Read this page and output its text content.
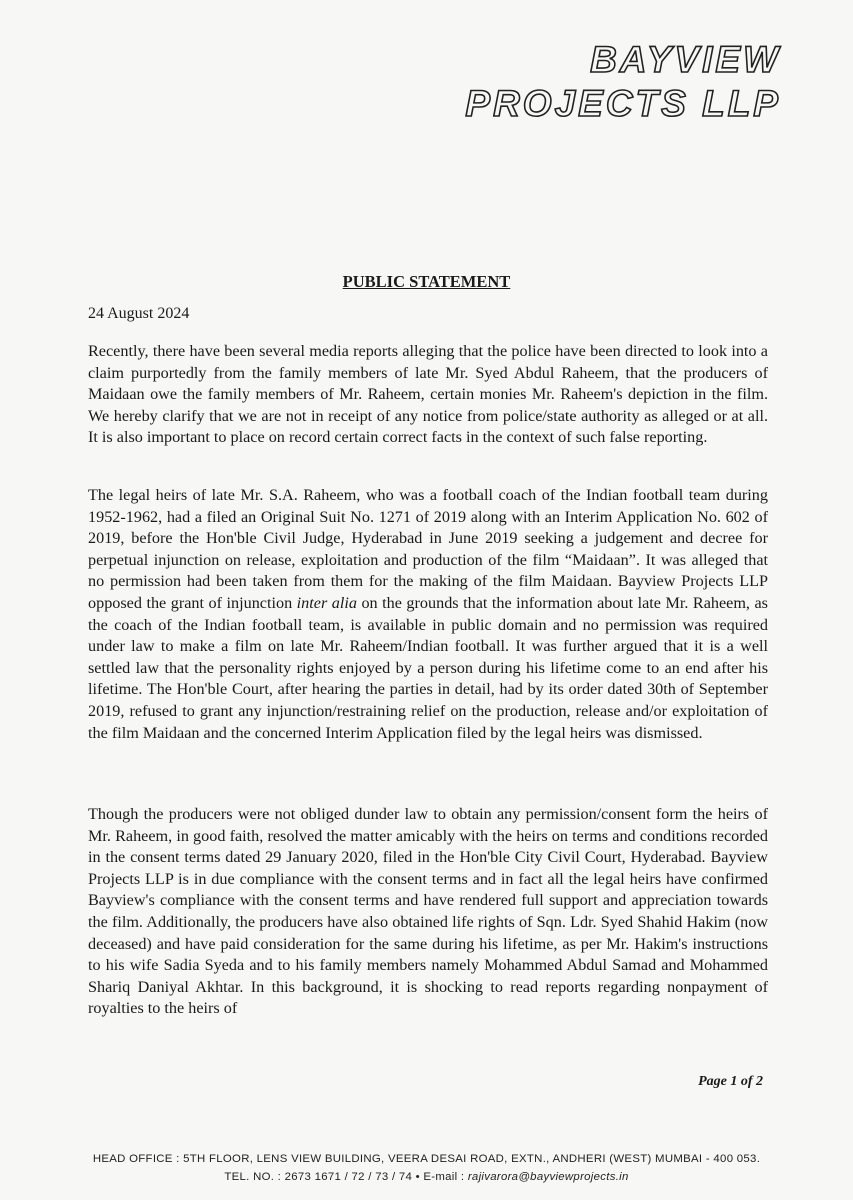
BAYVIEW
PROJECTS LLP
PUBLIC STATEMENT
24 August 2024
Recently, there have been several media reports alleging that the police have been directed to look into a claim purportedly from the family members of late Mr. Syed Abdul Raheem, that the producers of Maidaan owe the family members of Mr. Raheem, certain monies Mr. Raheem's depiction in the film. We hereby clarify that we are not in receipt of any notice from police/state authority as alleged or at all. It is also important to place on record certain correct facts in the context of such false reporting.
The legal heirs of late Mr. S.A. Raheem, who was a football coach of the Indian football team during 1952-1962, had a filed an Original Suit No. 1271 of 2019 along with an Interim Application No. 602 of 2019, before the Hon'ble Civil Judge, Hyderabad in June 2019 seeking a judgement and decree for perpetual injunction on release, exploitation and production of the film “Maidaan”. It was alleged that no permission had been taken from them for the making of the film Maidaan. Bayview Projects LLP opposed the grant of injunction inter alia on the grounds that the information about late Mr. Raheem, as the coach of the Indian football team, is available in public domain and no permission was required under law to make a film on late Mr. Raheem/Indian football. It was further argued that it is a well settled law that the personality rights enjoyed by a person during his lifetime come to an end after his lifetime. The Hon'ble Court, after hearing the parties in detail, had by its order dated 30th of September 2019, refused to grant any injunction/restraining relief on the production, release and/or exploitation of the film Maidaan and the concerned Interim Application filed by the legal heirs was dismissed.
Though the producers were not obliged dunder law to obtain any permission/consent form the heirs of Mr. Raheem, in good faith, resolved the matter amicably with the heirs on terms and conditions recorded in the consent terms dated 29 January 2020, filed in the Hon'ble City Civil Court, Hyderabad. Bayview Projects LLP is in due compliance with the consent terms and in fact all the legal heirs have confirmed Bayview's compliance with the consent terms and have rendered full support and appreciation towards the film. Additionally, the producers have also obtained life rights of Sqn. Ldr. Syed Shahid Hakim (now deceased) and have paid consideration for the same during his lifetime, as per Mr. Hakim's instructions to his wife Sadia Syeda and to his family members namely Mohammed Abdul Samad and Mohammed Shariq Daniyal Akhtar. In this background, it is shocking to read reports regarding nonpayment of royalties to the heirs of
Page 1 of 2
HEAD OFFICE : 5TH FLOOR, LENS VIEW BUILDING, VEERA DESAI ROAD, EXTN., ANDHERI (WEST) MUMBAI - 400 053.
TEL. NO. : 2673 1671 / 72 / 73 / 74 • E-mail : rajivarora@bayviewprojects.in
